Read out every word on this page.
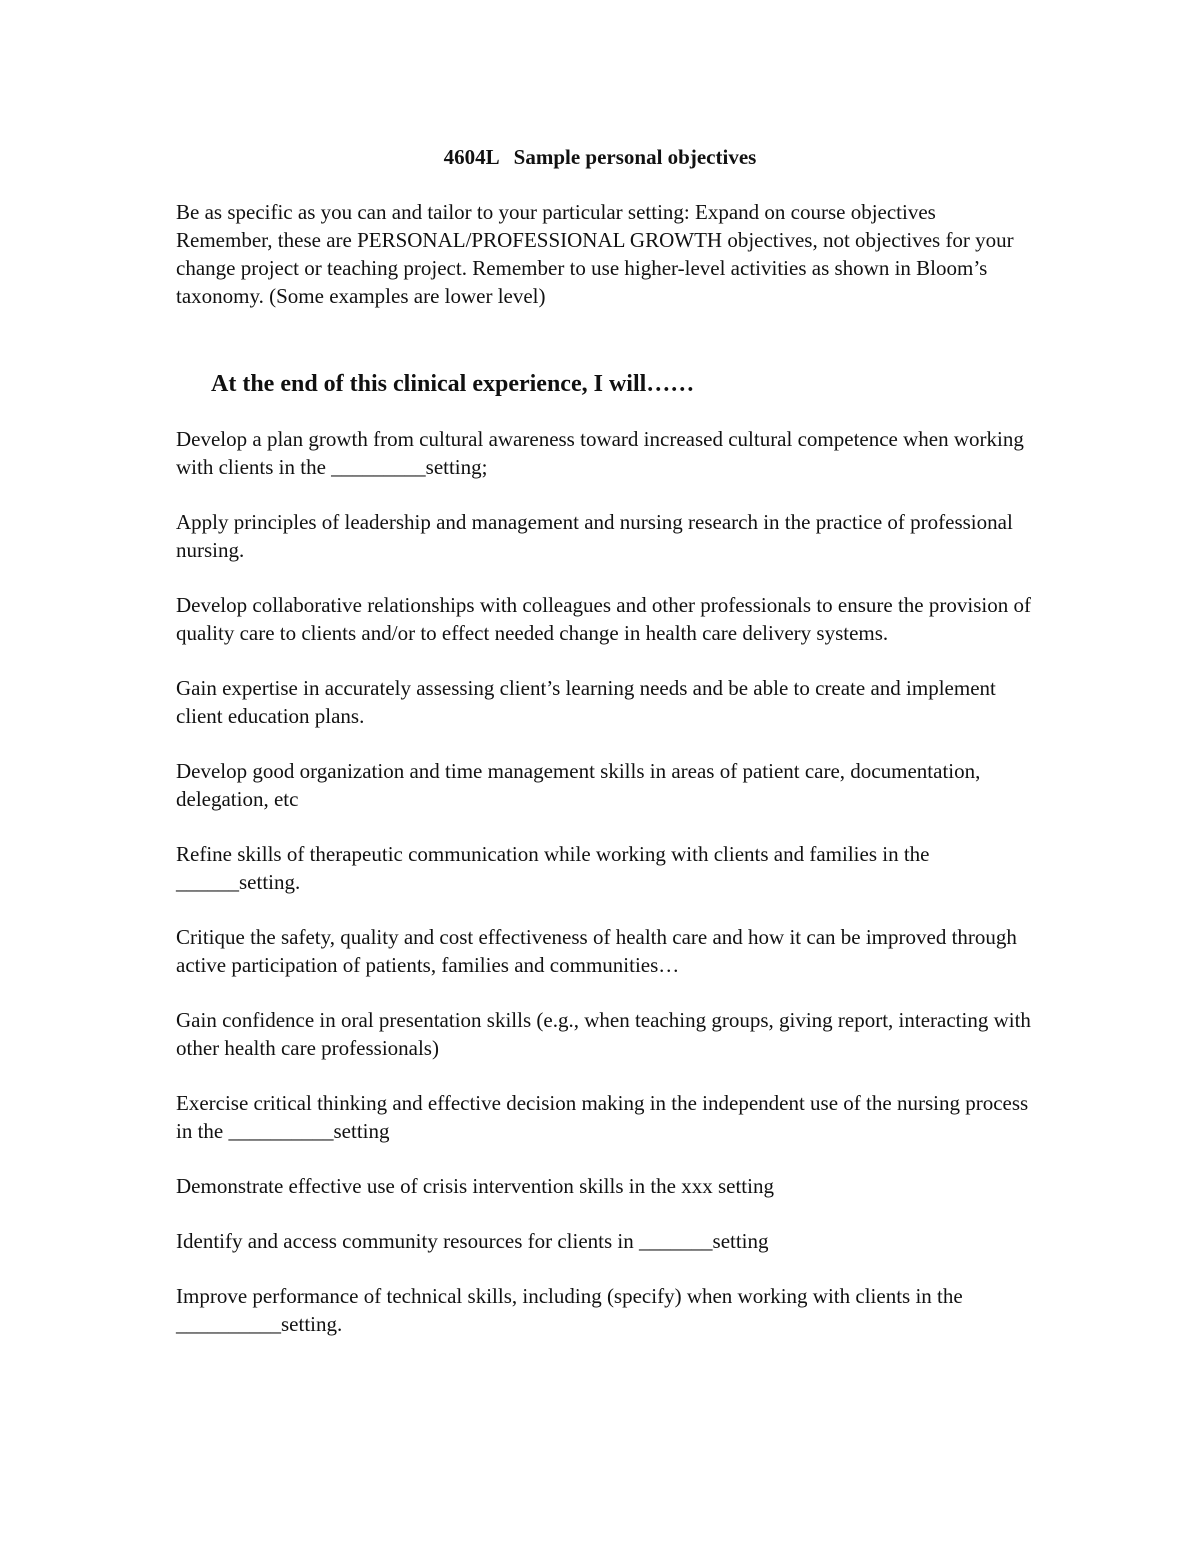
4604L Sample personal objectives

Be as specific as you can and tailor to your particular setting: Expand on course objectives

Remember, these are PERSONAL/PROFESSIONAL GROWTH objectives, not objectives for your change project or teaching project. Remember to use higher-level activities as shown in Bloom’s taxonomy. (Some examples are lower level)

At the end of this clinical experience, I will……
Develop a plan growth from cultural awareness toward increased cultural competence when working with clients in the _________setting;
Apply principles of leadership and management and nursing research in the practice of professional nursing.
Develop collaborative relationships with colleagues and other professionals to ensure the provision of quality care to clients and/or to effect needed change in health care delivery systems.
Gain expertise in accurately assessing client’s learning needs and be able to create and implement client education plans.
Develop good organization and time management skills in areas of patient care, documentation, delegation, etc
Refine skills of therapeutic communication while working with clients and families in the ______setting.
Critique the safety, quality and cost effectiveness of health care and how it can be improved through active participation of patients, families and communities…
Gain confidence in oral presentation skills (e.g., when teaching groups, giving report, interacting with other health care professionals)
Exercise critical thinking and effective decision making in the independent use of the nursing process in the __________setting
Demonstrate effective use of crisis intervention skills in the xxx setting
Identify and access community resources for clients in _______setting
Improve performance of technical skills, including (specify) when working with clients in the __________setting.
